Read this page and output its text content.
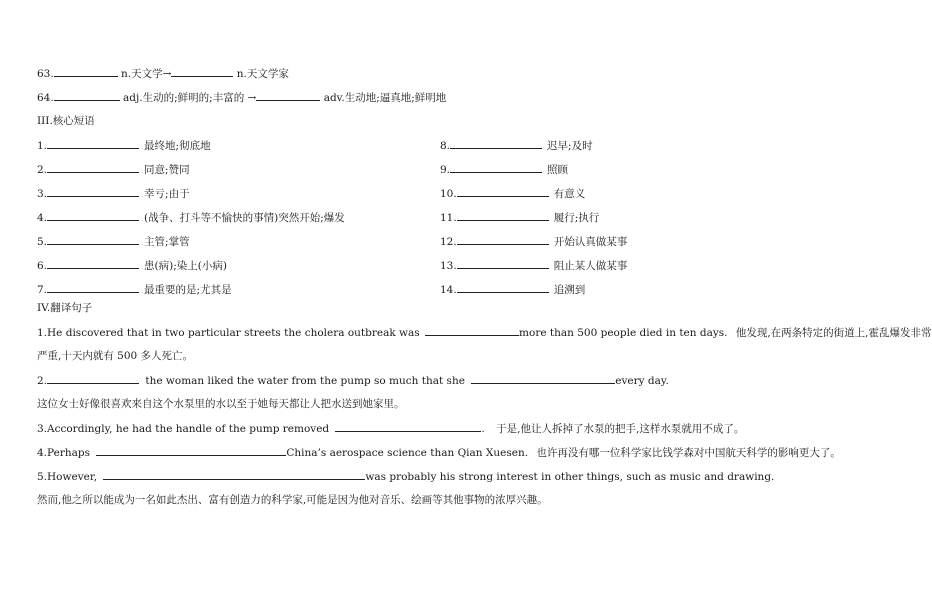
63.	n.天文学→	n.天文学家
64.	adj.生动的;鲜明的;丰富的 →	adv.生动地;逼真地;鲜明地
III.核心短语
1.	最终地;彻底地
2.	同意;赞同
3.	幸亏;由于
4.	(战争、打斗等不愉快的事情)突然开始;爆发
5.	主管;掌管
6.	患(病);染上(小病)
7.	最重要的是;尤其是
8.	迟早;及时
9.	照顾
10.	有意义
11.	履行;执行
12.	开始认真做某事
13.	阻止某人做某事
14.	追溯到
IV.翻译句子
1.He discovered that in two particular streets the cholera outbreak was	more than 500 people died in ten days. 他发现,在两条特定的街道上,霍乱爆发非常
严重,十天内就有 500 多人死亡。
2.	the woman liked the water from the pump so much that she	every day.
这位女士好像很喜欢来自这个水泵里的水以至于她每天都让人把水送到她家里。
3.Accordingly, he had the handle of the pump removed	. 于是,他让人拆掉了水泵的把手,这样水泵就用不成了。
4.Perhaps	China’s aerospace science than Qian Xuesen. 也许再没有哪一位科学家比钱学森对中国航天科学的影响更大了。
5.However,	was probably his strong interest in other things, such as music and drawing.
然而,他之所以能成为一名如此杰出、富有创造力的科学家,可能是因为他对音乐、绘画等其他事物的浓厚兴趣。
